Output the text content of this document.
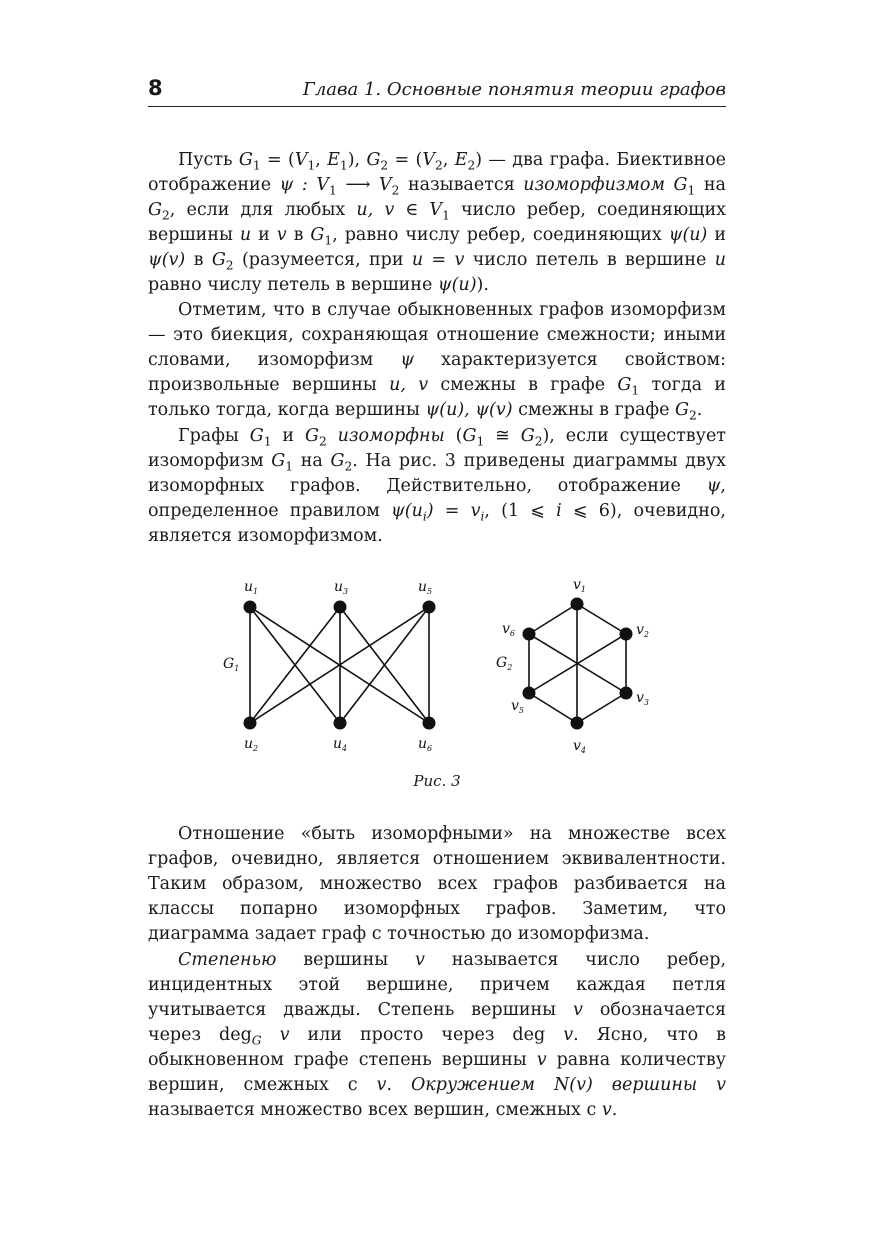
8	Глава 1. Основные понятия теории графов

Пусть $G_1 = (V_1$, $E_1$), $G_2 = (V_2$, $E_2$) — два графа. Биективное отображение ψ : $V_1$ ⟶ $V_2$ называется изоморфизмом $G_1$ на $G_2$, если для любых u, v ∈ $V_1$ число ребер, соединяющих вершины u и v в $G_1$, равно числу ребер, соединяющих ψ(u) и ψ(v) в $G_2$ (разумеется, при u = v число петель в вершине u равно числу петель в вершине ψ(u)).

Отметим, что в случае обыкновенных графов изоморфизм — это биекция, сохраняющая отношение смежности; иными словами, изоморфизм ψ характеризуется свойством: произвольные вершины u, v смежны в графе $G_1$ тогда и только тогда, когда вершины ψ(u), ψ(v) смежны в графе $G_2$.

Графы $G_1$ и $G_2$ изоморфны ($G_1$ ≅ $G_2$), если существует изоморфизм $G_1$ на $G_2$. На рис. 3 приведены диаграммы двух изоморфных графов. Действительно, отображение ψ, определенное правилом $\psi(u_i) = v_i$, (1 ⩽ i ⩽ 6), очевидно, является изоморфизмом.

$u_1$	$u_3$	$u_5$
$u_2$	$u_4$	$u_6$
$G_1$
$v_1$
$v_2$
$v_3$
$v_4$
$v_5$
$v_6$
$G_2$
Рис. 3

Отношение «быть изоморфными» на множестве всех графов, очевидно, является отношением эквивалентности. Таким образом, множество всех графов разбивается на классы попарно изоморфных графов. Заметим, что диаграмма задает граф с точностью до изоморфизма.

Степенью вершины v называется число ребер, инцидентных этой вершине, причем каждая петля учитывается дважды. Степень вершины v обозначается через deg$_G$ v или просто через deg v. Ясно, что в обыкновенном графе степень вершины v равна количеству вершин, смежных с v. Окружением N(v) вершины v называется множество всех вершин, смежных с v.
